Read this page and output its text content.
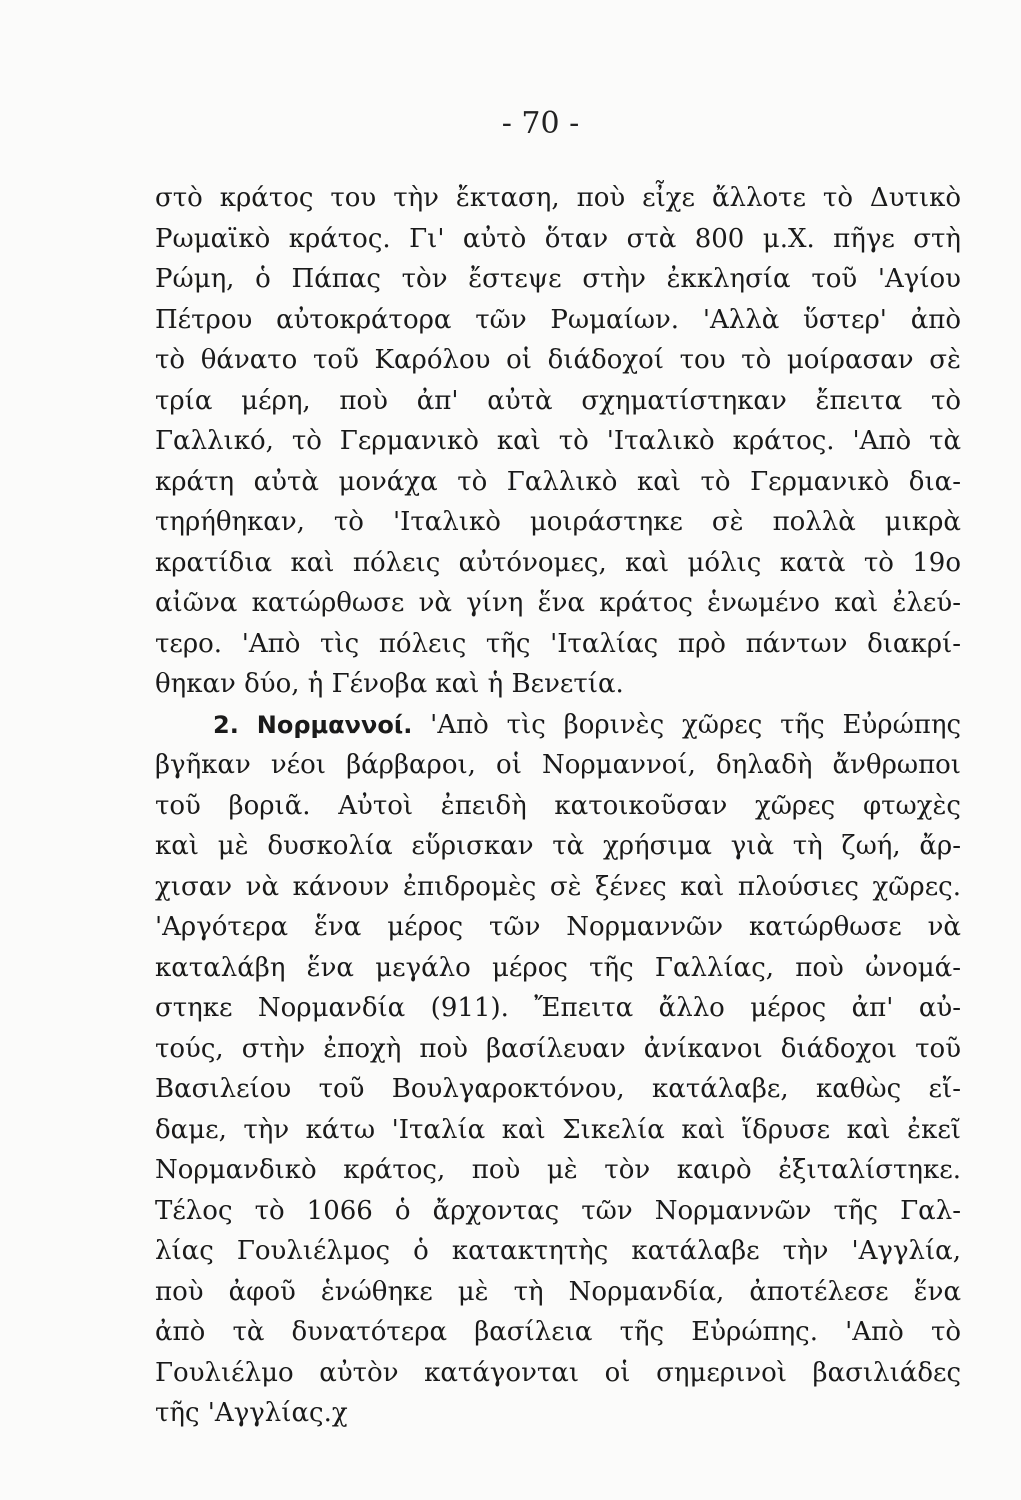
- 70 -
στὸ κράτος του τὴν ἔκταση, ποὺ εἶχε ἄλλοτε τὸ Δυτικὸ
Ρωμαϊκὸ κράτος. Γι' αὐτὸ ὅταν στὰ 800 μ.Χ. πῆγε στὴ
Ρώμη, ὁ Πάπας τὸν ἔστεψε στὴν ἐκκλησία τοῦ 'Αγίου
Πέτρου αὐτοκράτορα τῶν Ρωμαίων. 'Αλλὰ ὕστερ' ἀπὸ
τὸ θάνατο τοῦ Καρόλου οἱ διάδοχοί του τὸ μοίρασαν σὲ
τρία μέρη, ποὺ ἀπ' αὐτὰ σχηματίστηκαν ἔπειτα τὸ
Γαλλικό, τὸ Γερμανικὸ καὶ τὸ 'Ιταλικὸ κράτος. 'Απὸ τὰ
κράτη αὐτὰ μονάχα τὸ Γαλλικὸ καὶ τὸ Γερμανικὸ δια-
τηρήθηκαν, τὸ 'Ιταλικὸ μοιράστηκε σὲ πολλὰ μικρὰ
κρατίδια καὶ πόλεις αὐτόνομες, καὶ μόλις κατὰ τὸ 19ο
αἰῶνα κατώρθωσε νὰ γίνη ἕνα κράτος ἑνωμένο καὶ ἐλεύ-
τερο. 'Απὸ τὶς πόλεις τῆς 'Ιταλίας πρὸ πάντων διακρί-
θηκαν δύο, ἡ Γένοβα καὶ ἡ Βενετία.
2. Νορμαννοί. 'Απὸ τὶς βορινὲς χῶρες τῆς Εὐρώπης
βγῆκαν νέοι βάρβαροι, οἱ Νορμαννοί, δηλαδὴ ἄνθρωποι
τοῦ βοριᾶ. Αὐτοὶ ἐπειδὴ κατοικοῦσαν χῶρες φτωχὲς
καὶ μὲ δυσκολία εὕρισκαν τὰ χρήσιμα γιὰ τὴ ζωή, ἄρ-
χισαν νὰ κάνουν ἐπιδρομὲς σὲ ξένες καὶ πλούσιες χῶρες.
'Αργότερα ἕνα μέρος τῶν Νορμαννῶν κατώρθωσε νὰ
καταλάβη ἕνα μεγάλο μέρος τῆς Γαλλίας, ποὺ ὠνομά-
στηκε Νορμανδία (911). Ἔπειτα ἄλλο μέρος ἀπ' αὐ-
τούς, στὴν ἐποχὴ ποὺ βασίλευαν ἀνίκανοι διάδοχοι τοῦ
Βασιλείου τοῦ Βουλγαροκτόνου, κατάλαβε, καθὼς εἴ-
δαμε, τὴν κάτω 'Ιταλία καὶ Σικελία καὶ ἵδρυσε καὶ ἐκεῖ
Νορμανδικὸ κράτος, ποὺ μὲ τὸν καιρὸ ἐξιταλίστηκε.
Τέλος τὸ 1066 ὁ ἄρχοντας τῶν Νορμαννῶν τῆς Γαλ-
λίας Γουλιέλμος ὁ κατακτητὴς κατάλαβε τὴν 'Αγγλία,
ποὺ ἀφοῦ ἑνώθηκε μὲ τὴ Νορμανδία, ἀποτέλεσε ἕνα
ἀπὸ τὰ δυνατότερα βασίλεια τῆς Εὐρώπης. 'Απὸ τὸ
Γουλιέλμο αὐτὸν κατάγονται οἱ σημερινοὶ βασιλιάδες
τῆς 'Αγγλίας.χ
